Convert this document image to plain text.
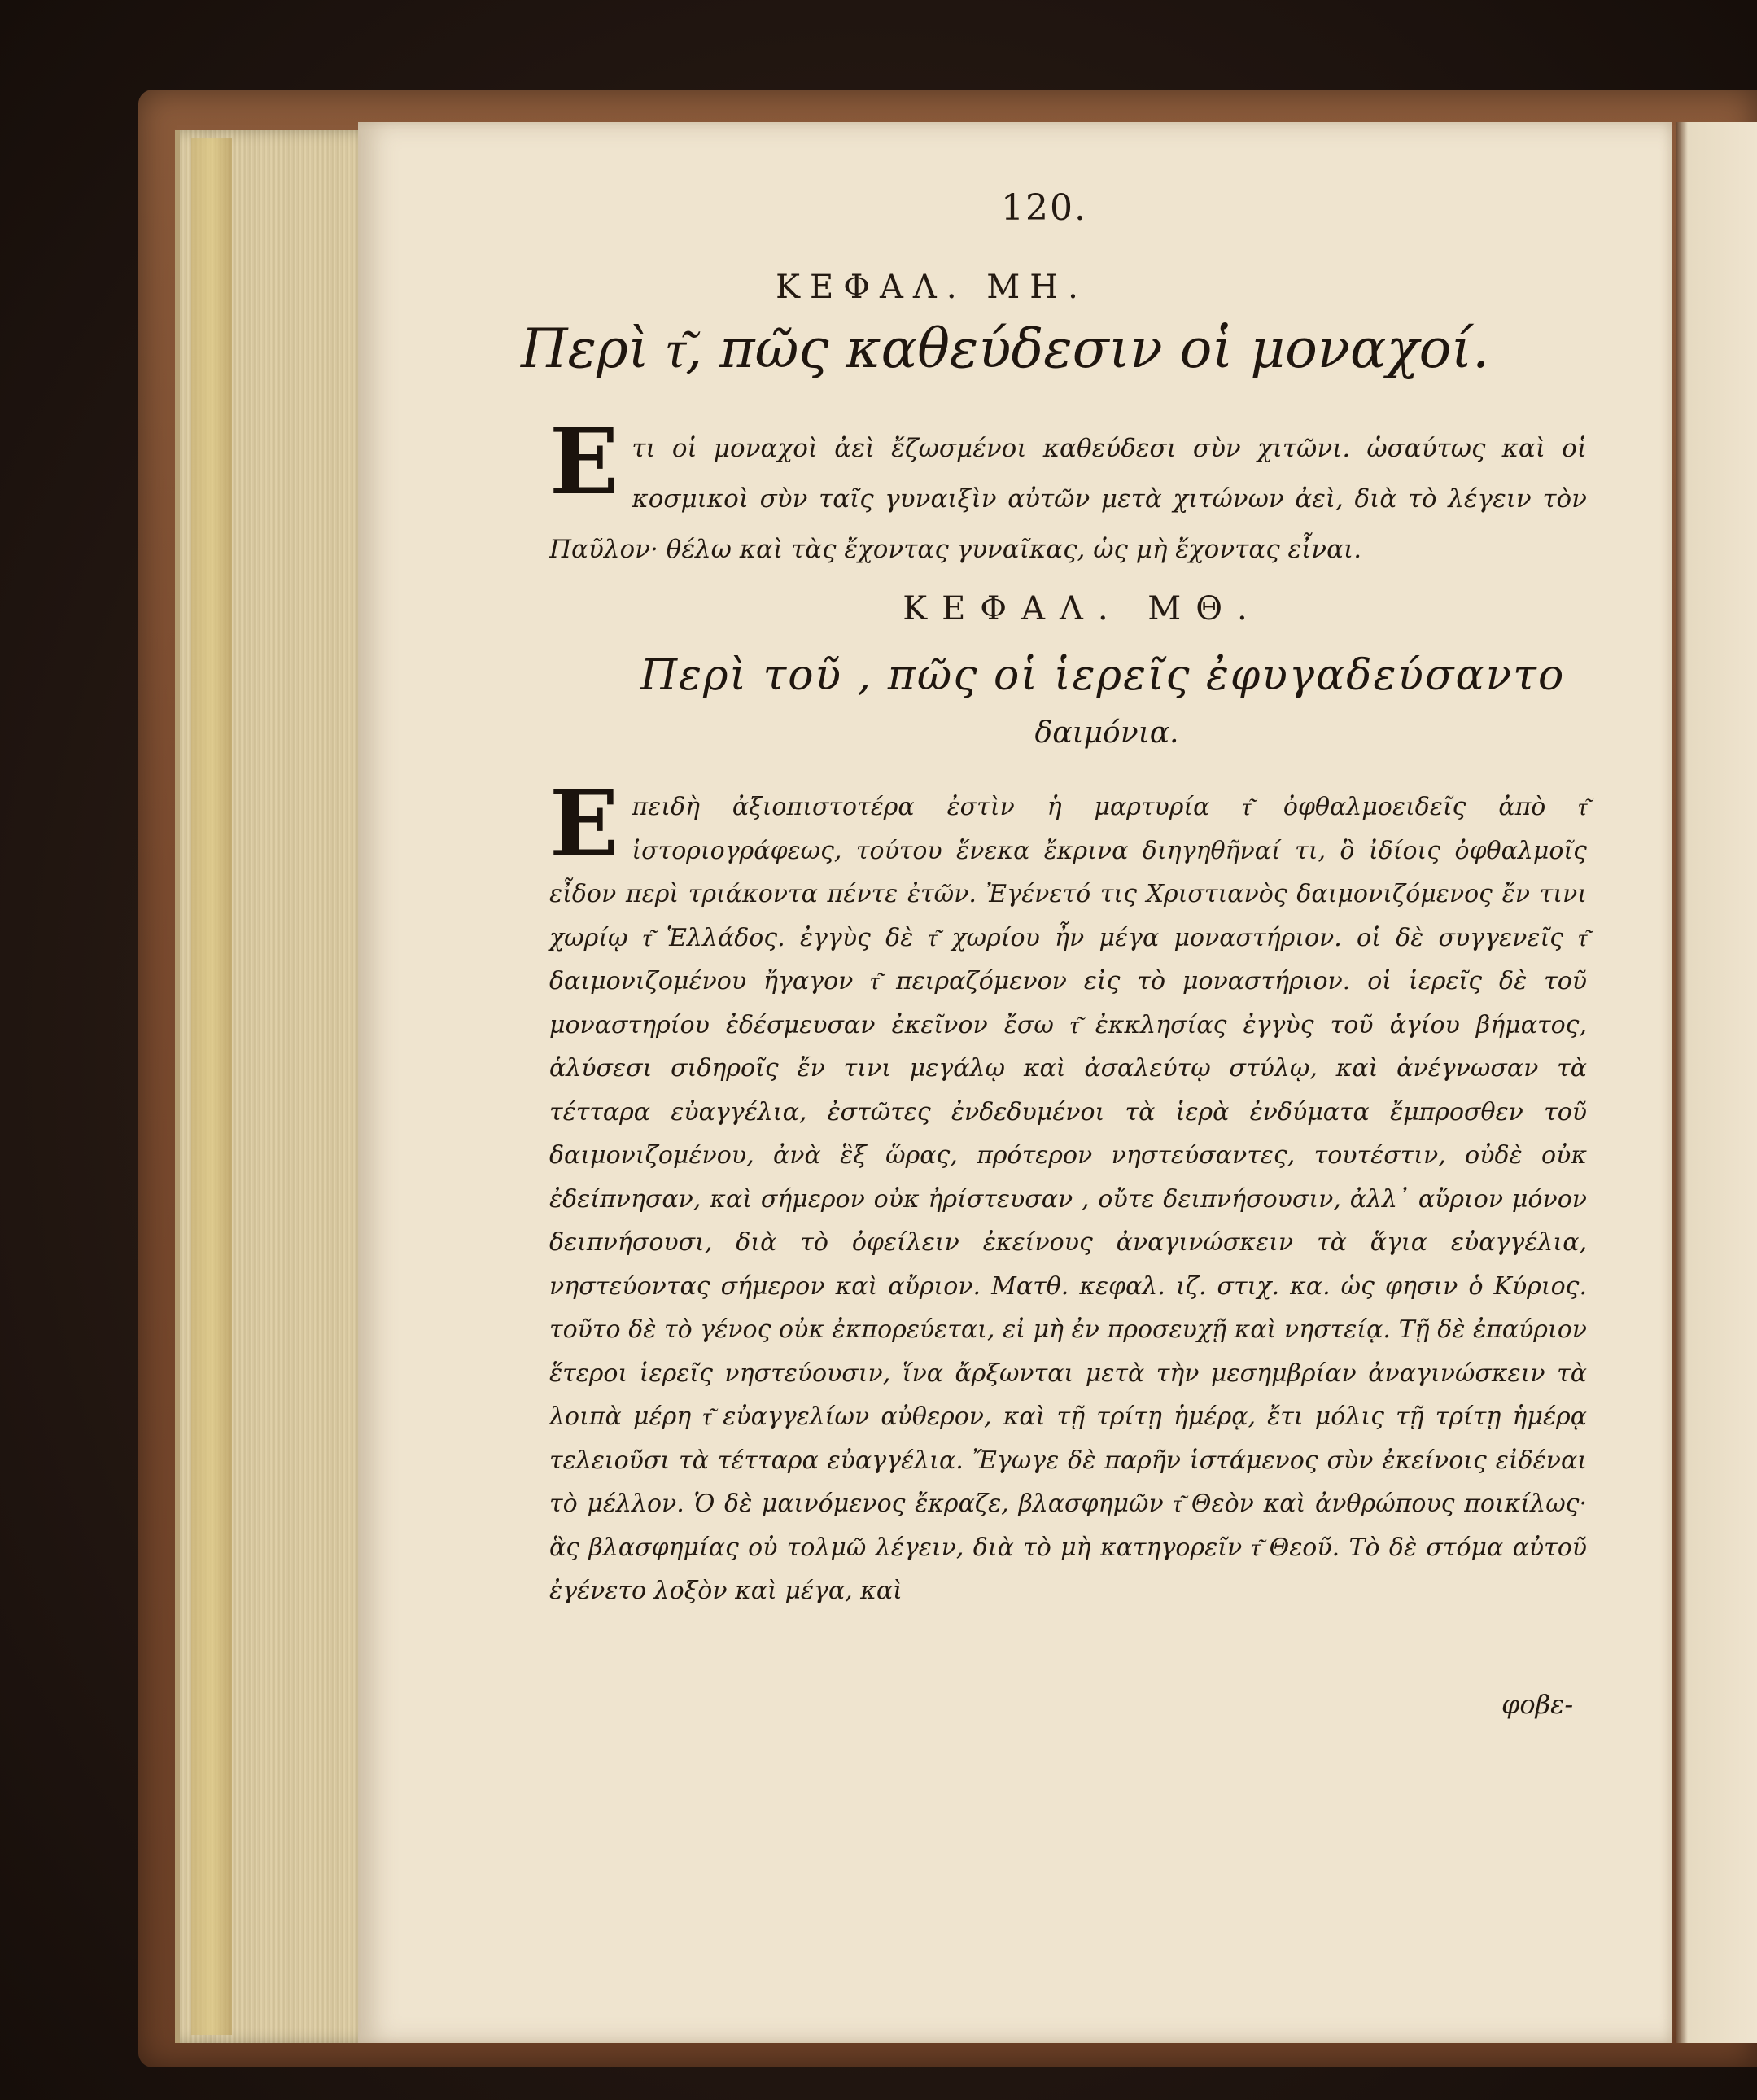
120.
ΚΕΦΑΛ. ΜΗ.
Περὶ τ͂, πῶς καθεύδεσιν οἱ μοναχοί.
Eτι οἱ μοναχοὶ ἀεὶ ἔζωσμένοι καθεύδεσι σὺν χιτῶνι. ὡσαύτως καὶ οἱ κοσμικοὶ σὺν ταῖς γυναιξὶν αὐτῶν μετὰ χιτώνων ἀεὶ, διὰ τὸ λέγειν τὸν Παῦλον· θέλω καὶ τὰς ἔχοντας γυναῖκας, ὡς μὴ ἔχοντας εἶναι.
ΚΕΦΑΛ. ΜΘ.
Περὶ τοῦ , πῶς οἱ ἱερεῖς ἐφυγαδεύσαντο
δαιμόνια.
Eπειδὴ ἀξιοπιστοτέρα ἐστὶν ἡ μαρτυρία τ͂ ὀφθαλμοειδεῖς ἀπὸ τ͂ ἱστοριογράφεως, τούτου ἕνεκα ἔκρινα διηγηθῆναί τι, ὃ ἰδίοις ὀφθαλμοῖς εἶδον περὶ τριάκοντα πέντε ἐτῶν. Ἐγένετό τις Χριστιανὸς δαιμονιζόμενος ἔν τινι χωρίῳ τ͂ Ἑλλάδος. ἐγγὺς δὲ τ͂ χωρίου ἦν μέγα μοναστήριον. οἱ δὲ συγγενεῖς τ͂ δαιμονιζομένου ἤγαγον τ͂ πειραζόμενον εἰς τὸ μοναστήριον. οἱ ἱερεῖς δὲ τοῦ μοναστηρίου ἐδέσμευσαν ἐκεῖνον ἔσω τ͂ ἐκκλησίας ἐγγὺς τοῦ ἁγίου βήματος, ἁλύσεσι σιδηροῖς ἔν τινι μεγάλῳ καὶ ἀσαλεύτῳ στύλῳ, καὶ ἀνέγνωσαν τὰ τέτταρα εὐαγγέλια, ἐστῶτες ἐνδεδυμένοι τὰ ἱερὰ ἐνδύματα ἔμπροσθεν τοῦ δαιμονιζομένου, ἀνὰ ἓξ ὥρας, πρότερον νηστεύσαντες, τουτέστιν, οὐδὲ οὐκ ἐδείπνησαν, καὶ σήμερον οὐκ ἠρίστευσαν , οὔτε δειπνήσουσιν, ἀλλ᾽ αὔριον μόνον δειπνήσουσι, διὰ τὸ ὀφείλειν ἐκείνους ἀναγινώσκειν τὰ ἅγια εὐαγγέλια, νηστεύοντας σήμερον καὶ αὔριον. Ματθ. κεφαλ. ιζ. στιχ. κα. ὡς φησιν ὁ Κύριος. τοῦτο δὲ τὸ γένος οὐκ ἐκπορεύεται, εἰ μὴ ἐν προσευχῇ καὶ νηστείᾳ. Τῇ δὲ ἐπαύριον ἕτεροι ἱερεῖς νηστεύουσιν, ἵνα ἄρξωνται μετὰ τὴν μεσημβρίαν ἀναγινώσκειν τὰ λοιπὰ μέρη τ͂ εὐαγγελίων αὐθερον, καὶ τῇ τρίτῃ ἡμέρᾳ, ἔτι μόλις τῇ τρίτῃ ἡμέρᾳ τελειοῦσι τὰ τέτταρα εὐαγγέλια. Ἔγωγε δὲ παρῆν ἱστάμενος σὺν ἐκείνοις εἰδέναι τὸ μέλλον. Ὁ δὲ μαινόμενος ἔκραζε, βλασφημῶν τ͂ Θεὸν καὶ ἀνθρώπους ποικίλως· ἃς βλασφημίας οὐ τολμῶ λέγειν, διὰ τὸ μὴ κατηγορεῖν τ͂ Θεοῦ. Τὸ δὲ στόμα αὐτοῦ ἐγένετο λοξὸν καὶ μέγα, καὶ
φοβε-
